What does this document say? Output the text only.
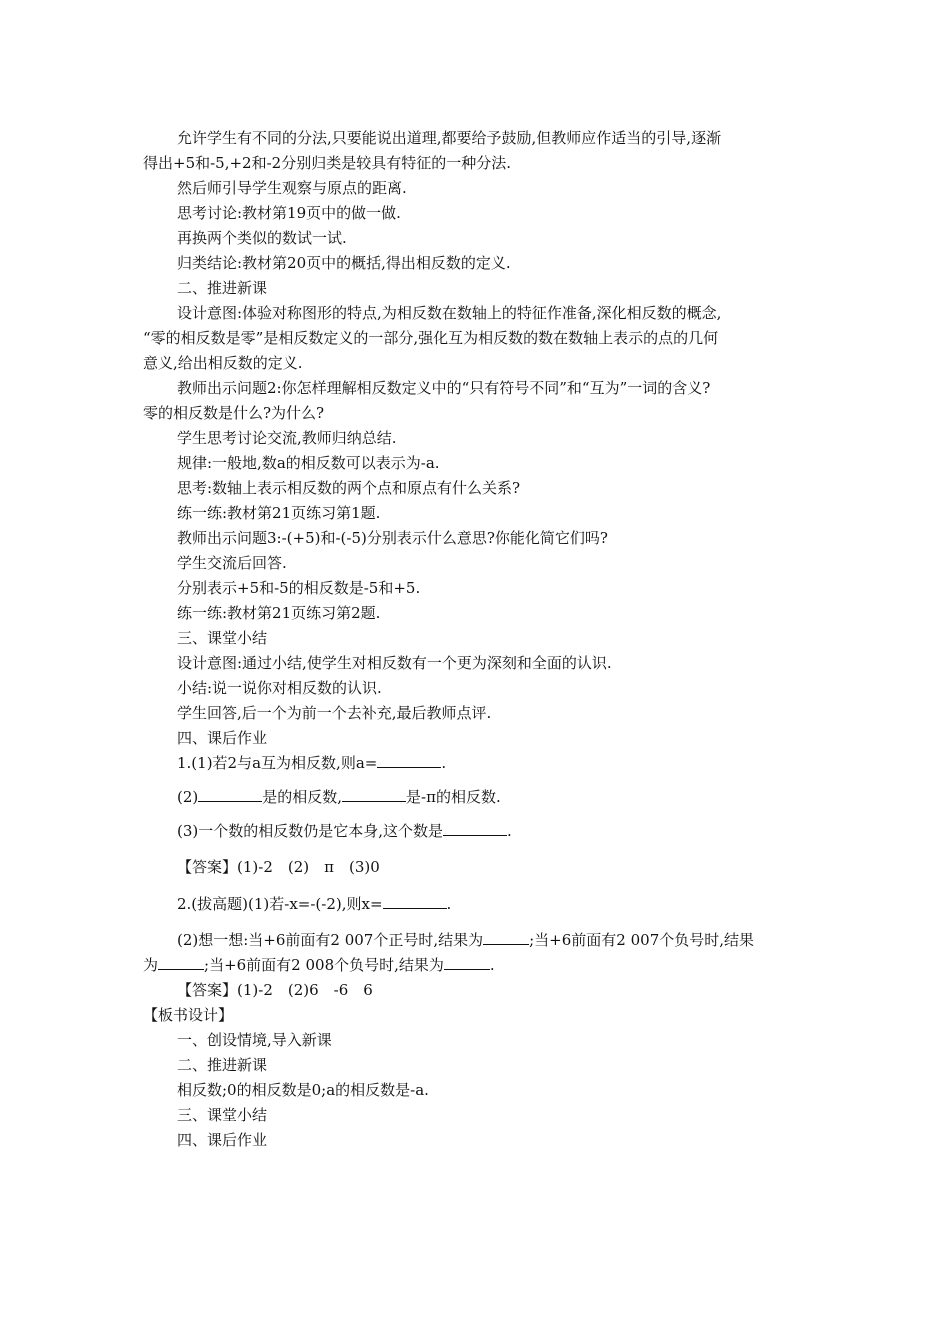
允许学生有不同的分法,只要能说出道理,都要给予鼓励,但教师应作适当的引导,逐渐
得出+5和-5,+2和-2分别归类是较具有特征的一种分法.
然后师引导学生观察与原点的距离.
思考讨论:教材第19页中的做一做.
再换两个类似的数试一试.
归类结论:教材第20页中的概括,得出相反数的定义.
二、推进新课
设计意图:体验对称图形的特点,为相反数在数轴上的特征作准备,深化相反数的概念,
“零的相反数是零”是相反数定义的一部分,强化互为相反数的数在数轴上表示的点的几何
意义,给出相反数的定义.
教师出示问题2:你怎样理解相反数定义中的“只有符号不同”和“互为”一词的含义?
零的相反数是什么?为什么?
学生思考讨论交流,教师归纳总结.
规律:一般地,数a的相反数可以表示为-a.
思考:数轴上表示相反数的两个点和原点有什么关系?
练一练:教材第21页练习第1题.
教师出示问题3:-(+5)和-(-5)分别表示什么意思?你能化简它们吗?
学生交流后回答.
分别表示+5和-5的相反数是-5和+5.
练一练:教材第21页练习第2题.
三、课堂小结
设计意图:通过小结,使学生对相反数有一个更为深刻和全面的认识.
小结:说一说你对相反数的认识.
学生回答,后一个为前一个去补充,最后教师点评.
四、课后作业
1.(1)若2与a互为相反数,则a=	.
(2)	是的相反数,	是-π的相反数.
(3)一个数的相反数仍是它本身,这个数是	.
【答案】(1)-2　(2)　π　(3)0
2.(拔高题)(1)若-x=-(-2),则x=	.
(2)想一想:当+6前面有2 007个正号时,结果为	;当+6前面有2 007个负号时,结果
为	;当+6前面有2 008个负号时,结果为	.
【答案】(1)-2　(2)6　-6　6
【板书设计】
一、创设情境,导入新课
二、推进新课
相反数;0的相反数是0;a的相反数是-a.
三、课堂小结
四、课后作业
